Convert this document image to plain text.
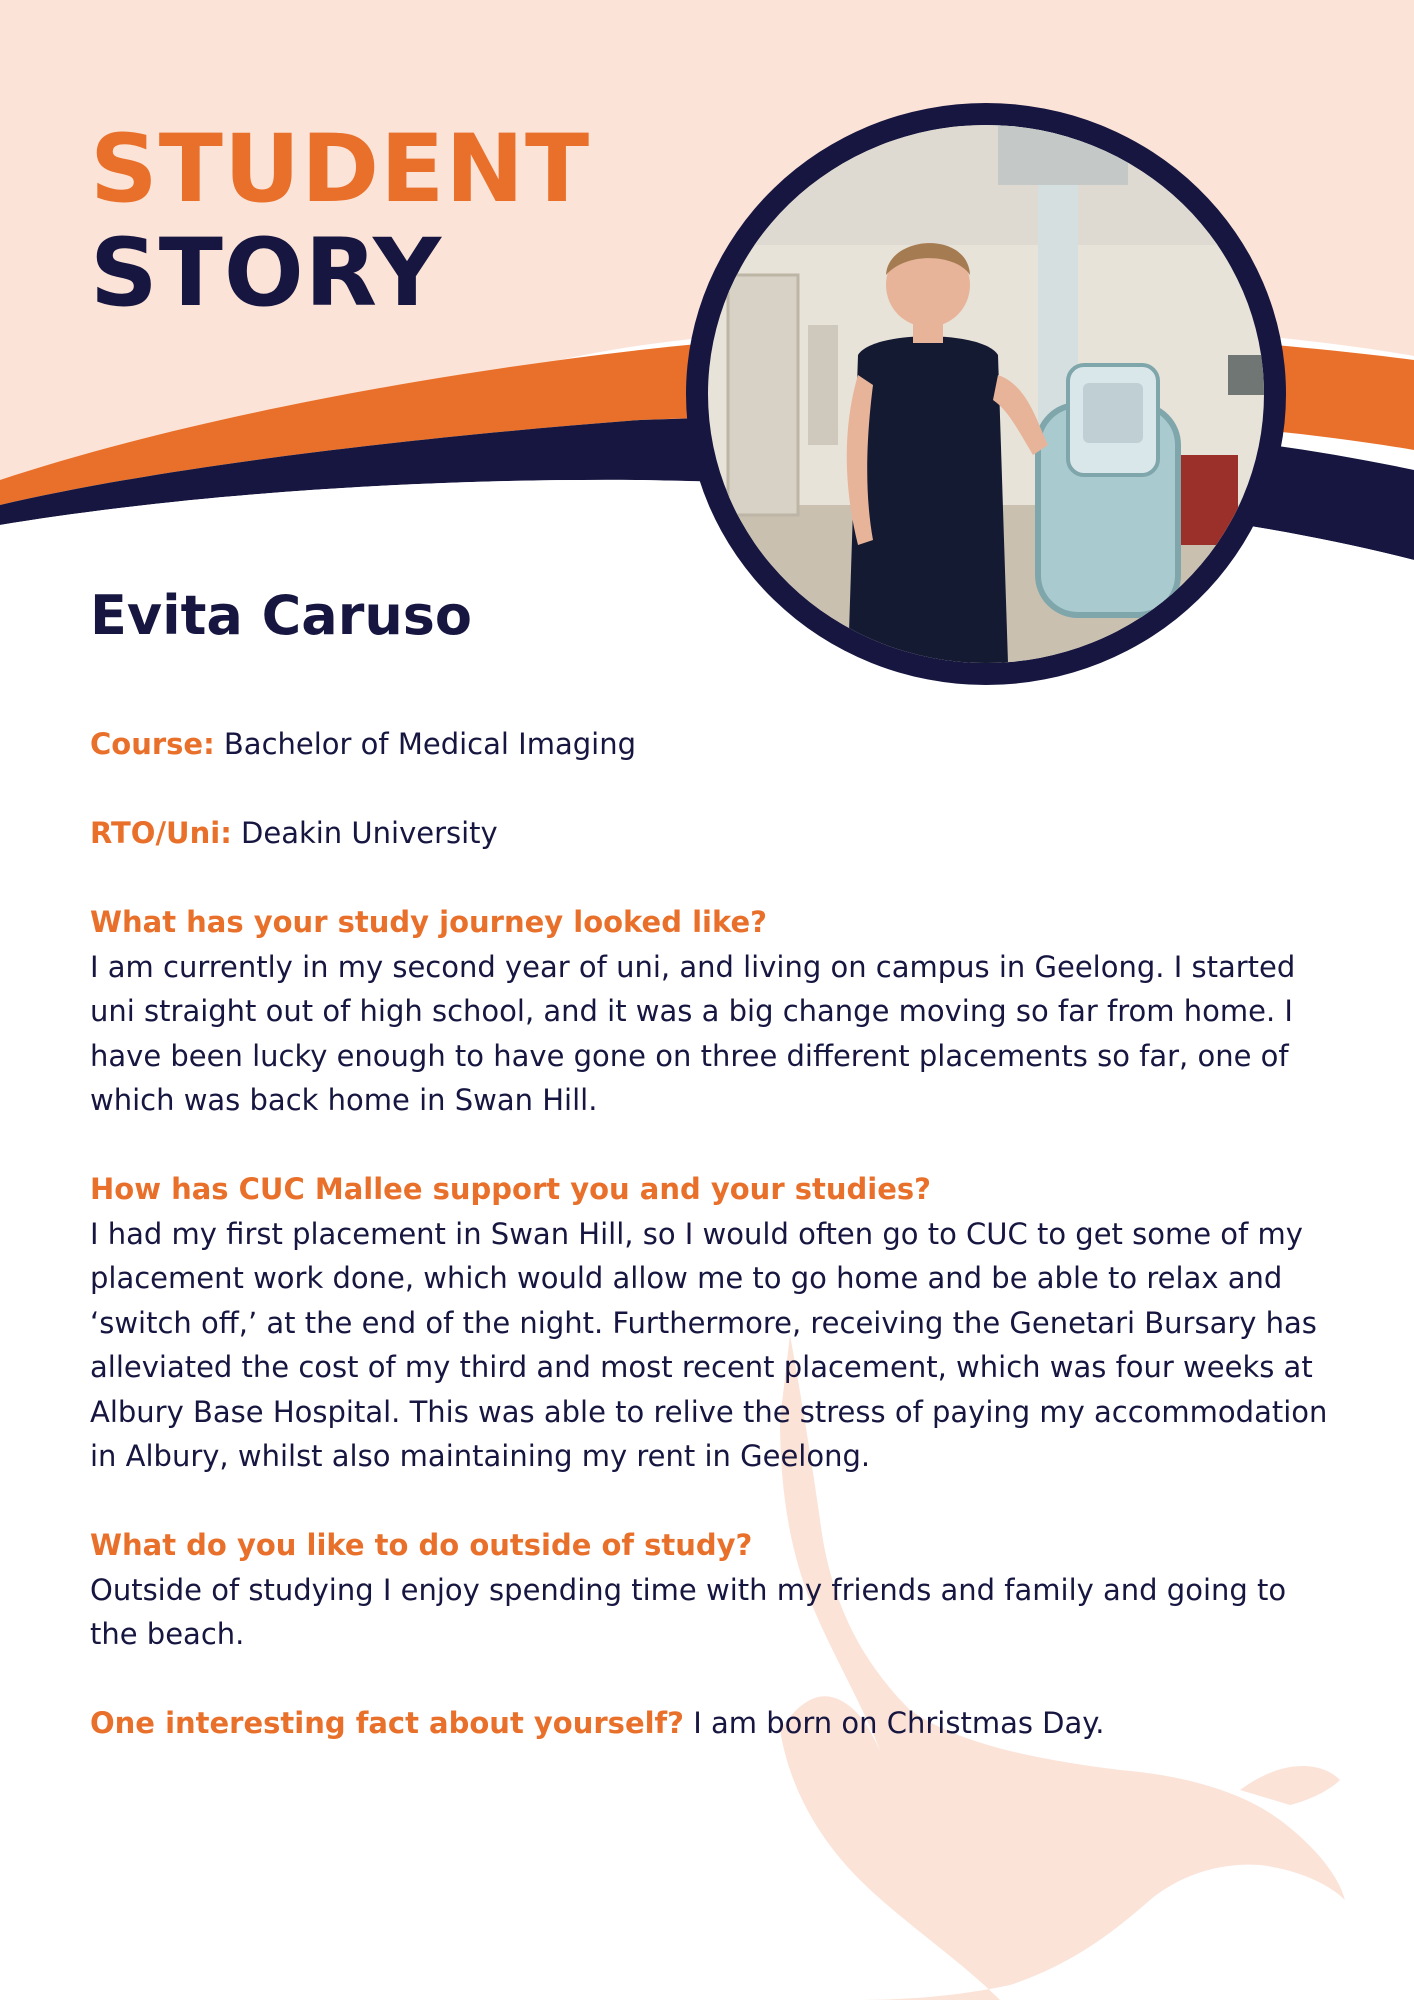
STUDENT
STORY
Evita Caruso

Course: Bachelor of Medical Imaging

RTO/Uni: Deakin University

What has your study journey looked like?
I am currently in my second year of uni, and living on campus in Geelong. I started uni straight out of high school, and it was a big change moving so far from home. I have been lucky enough to have gone on three different placements so far, one of which was back home in Swan Hill.

How has CUC Mallee support you and your studies?
I had my first placement in Swan Hill, so I would often go to CUC to get some of my placement work done, which would allow me to go home and be able to relax and ‘switch off,’ at the end of the night. Furthermore, receiving the Genetari Bursary has alleviated the cost of my third and most recent placement, which was four weeks at Albury Base Hospital. This was able to relive the stress of paying my accommodation in Albury, whilst also maintaining my rent in Geelong.

What do you like to do outside of study?
Outside of studying I enjoy spending time with my friends and family and going to the beach.

One interesting fact about yourself? I am born on Christmas Day.
